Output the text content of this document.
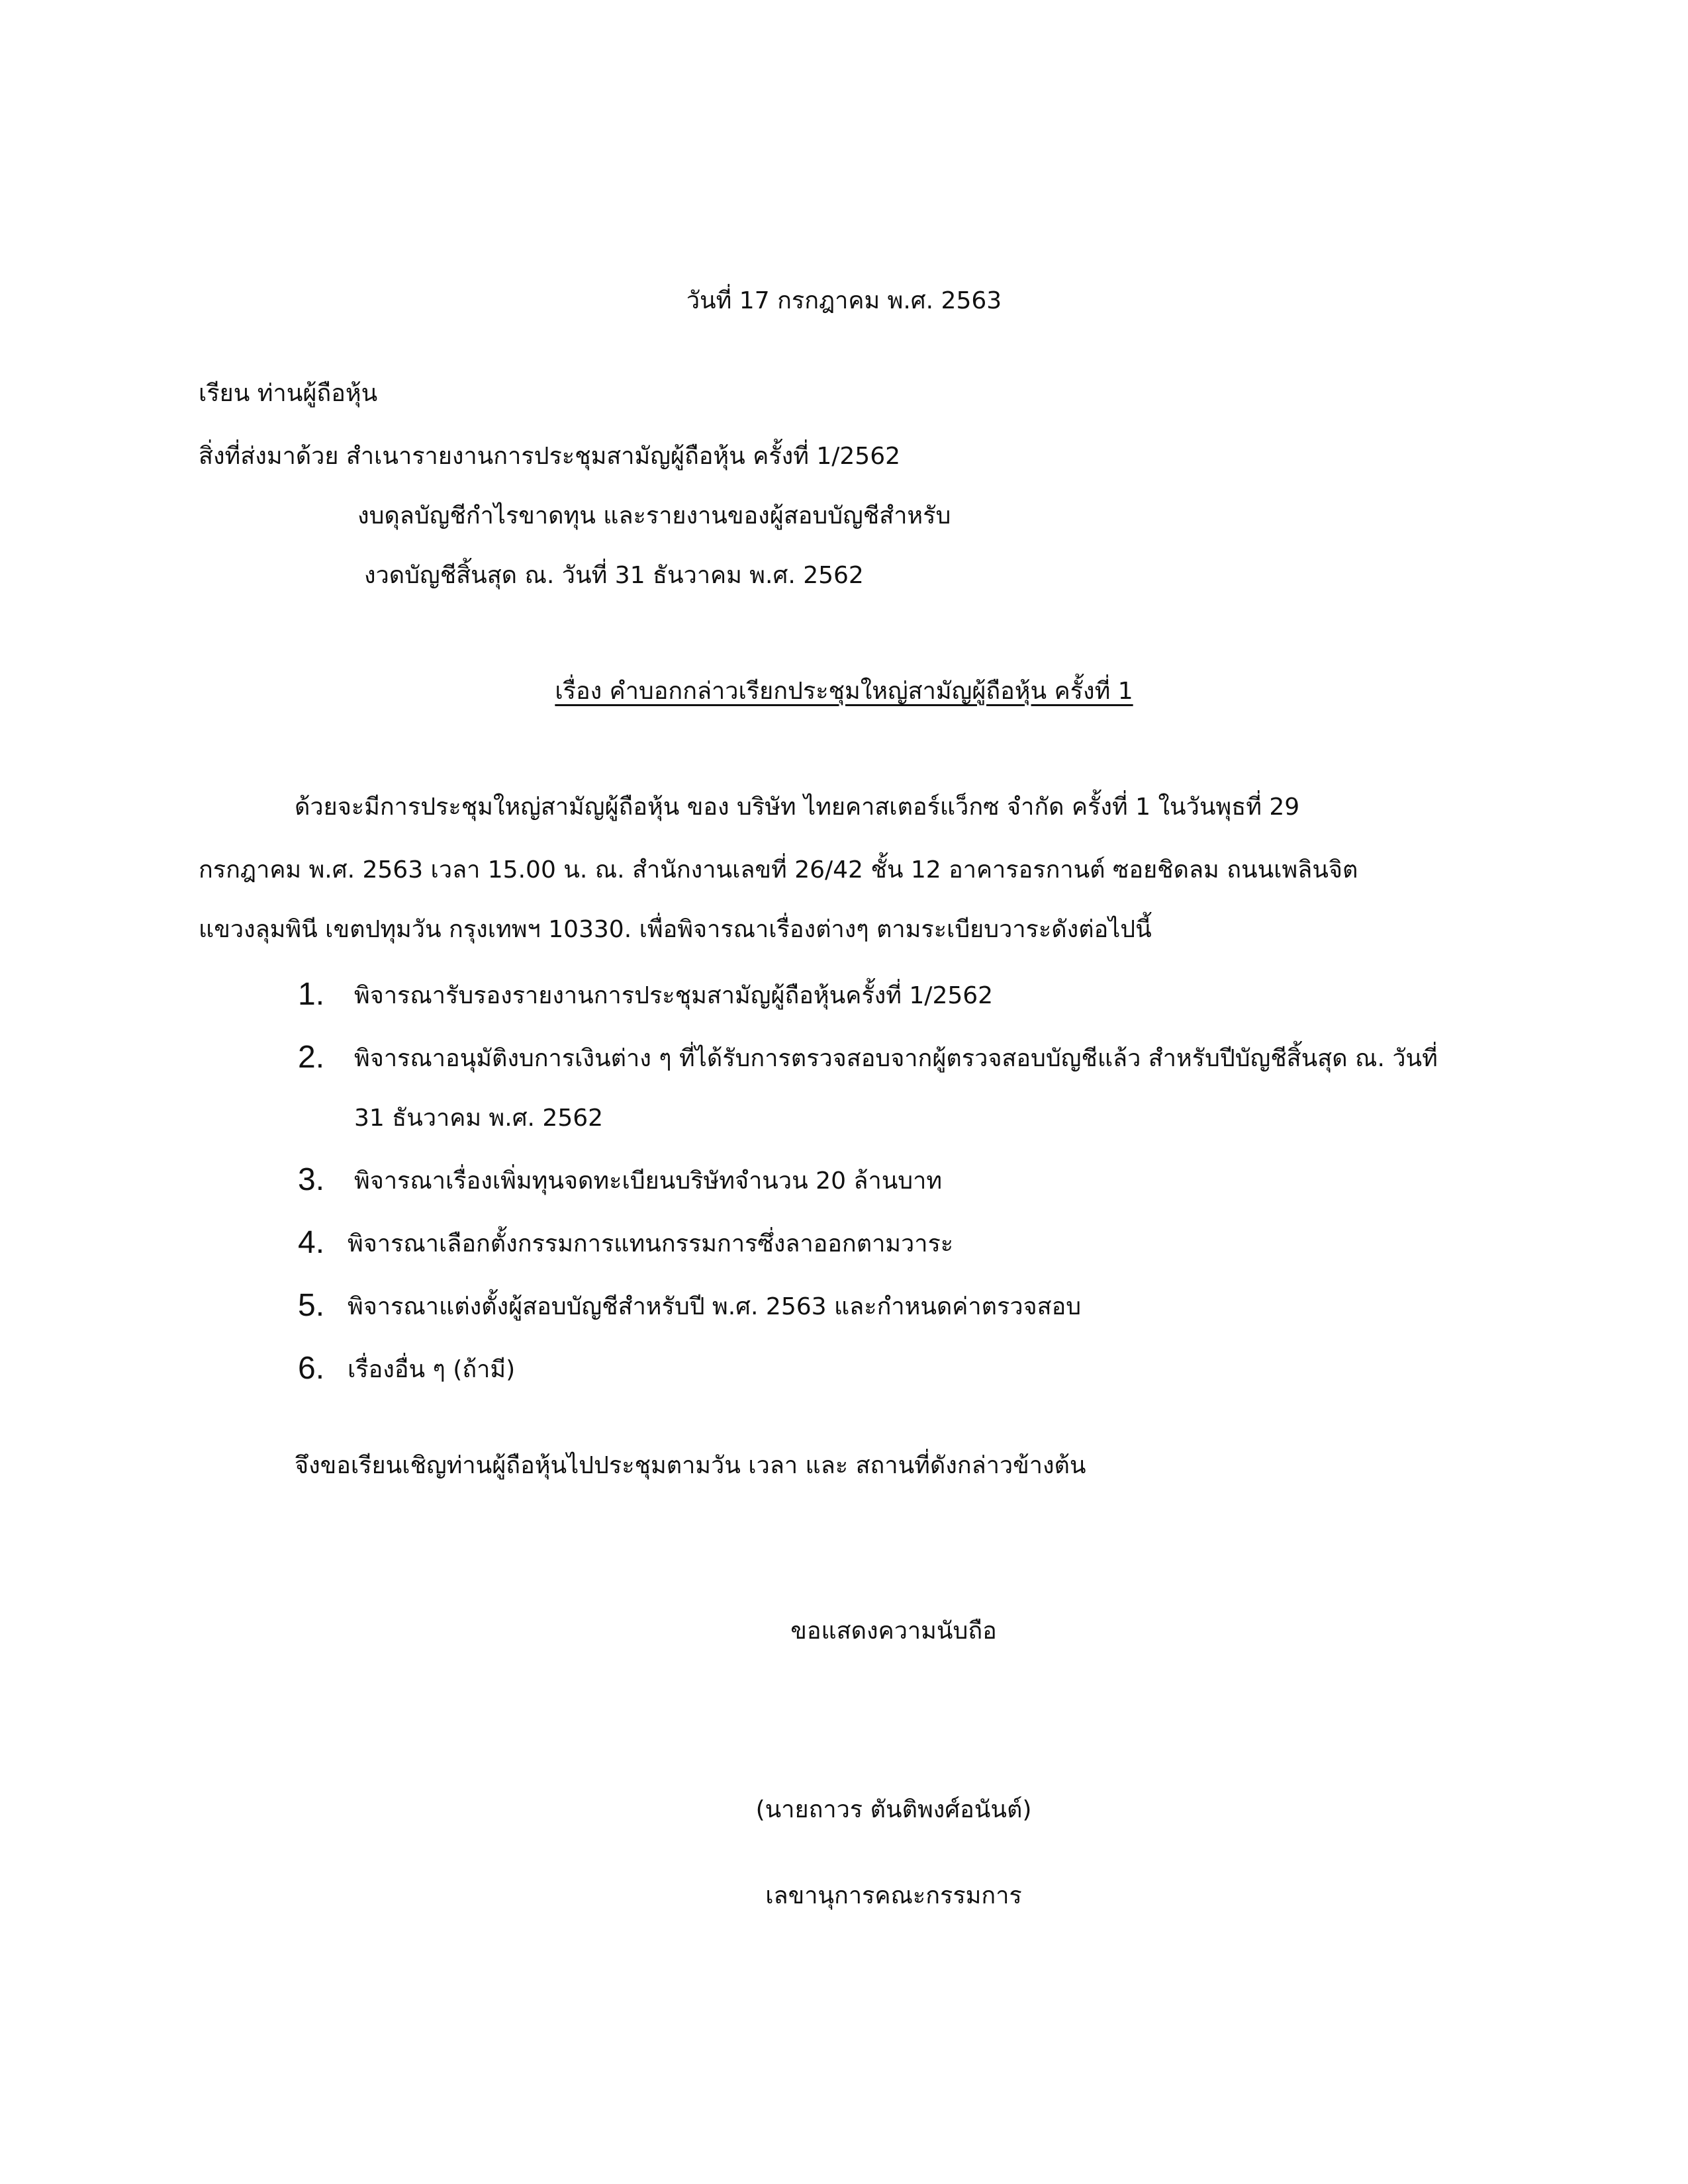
วันที่ 17 กรกฎาคม พ.ศ. 2563
เรียน ท่านผู้ถือหุ้น
สิ่งที่ส่งมาด้วย สำเนารายงานการประชุมสามัญผู้ถือหุ้น ครั้งที่ 1/2562
งบดุลบัญชีกำไรขาดทุน และรายงานของผู้สอบบัญชีสำหรับ
งวดบัญชีสิ้นสุด ณ. วันที่ 31 ธันวาคม พ.ศ. 2562
เรื่อง คำบอกกล่าวเรียกประชุมใหญ่สามัญผู้ถือหุ้น ครั้งที่ 1
ด้วยจะมีการประชุมใหญ่สามัญผู้ถือหุ้น ของ บริษัท ไทยคาสเตอร์แว็กซ จำกัด ครั้งที่ 1 ในวันพุธที่ 29
กรกฎาคม พ.ศ. 2563 เวลา 15.00 น. ณ. สำนักงานเลขที่ 26/42 ชั้น 12 อาคารอรกานต์ ซอยชิดลม ถนนเพลินจิต
แขวงลุมพินี เขตปทุมวัน กรุงเทพฯ 10330. เพื่อพิจารณาเรื่องต่างๆ ตามระเบียบวาระดังต่อไปนี้
1. พิจารณารับรองรายงานการประชุมสามัญผู้ถือหุ้นครั้งที่ 1/2562
2. พิจารณาอนุมัติงบการเงินต่าง ๆ ที่ได้รับการตรวจสอบจากผู้ตรวจสอบบัญชีแล้ว สำหรับปีบัญชีสิ้นสุด ณ. วันที่
31 ธันวาคม พ.ศ. 2562
3. พิจารณาเรื่องเพิ่มทุนจดทะเบียนบริษัทจำนวน 20 ล้านบาท
4. พิจารณาเลือกตั้งกรรมการแทนกรรมการซึ่งลาออกตามวาระ
5. พิจารณาแต่งตั้งผู้สอบบัญชีสำหรับปี พ.ศ. 2563 และกำหนดค่าตรวจสอบ
6. เรื่องอื่น ๆ (ถ้ามี)
จึงขอเรียนเชิญท่านผู้ถือหุ้นไปประชุมตามวัน เวลา และ สถานที่ดังกล่าวข้างต้น
ขอแสดงความนับถือ
(นายถาวร ตันติพงศ์อนันต์)
เลขานุการคณะกรรมการ
